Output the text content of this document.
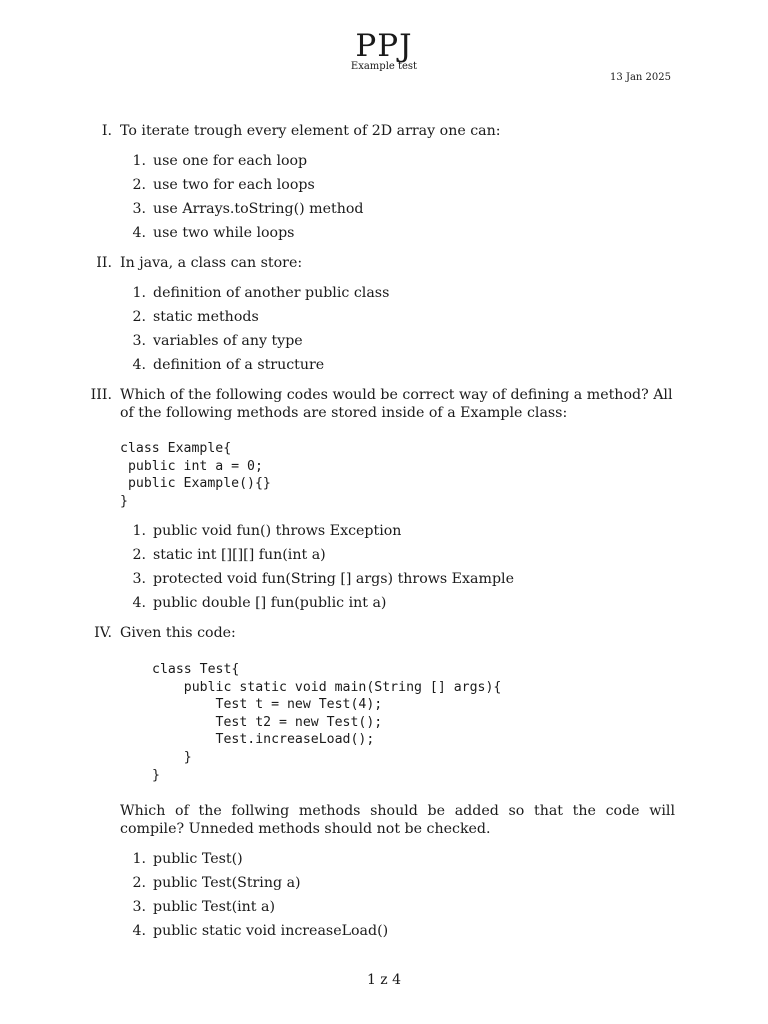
PPJ
Example test
13 Jan 2025
I. To iterate trough every element of 2D array one can:
1. use one for each loop
2. use two for each loops
3. use Arrays.toString() method
4. use two while loops
II. In java, a class can store:
1. definition of another public class
2. static methods
3. variables of any type
4. definition of a structure
III. Which of the following codes would be correct way of defining a method? All of the following methods are stored inside of a Example class:
class Example{
public int a = 0;
public Example(){}
}
1. public void fun() throws Exception
2. static int [][][] fun(int a)
3. protected void fun(String [] args) throws Example
4. public double [] fun(public int a)
IV. Given this code:
class Test{
public static void main(String [] args){
Test t = new Test(4);
Test t2 = new Test();
Test.increaseLoad();
}
}
Which of the follwing methods should be added so that the code will compile? Unneded methods should not be checked.
1. public Test()
2. public Test(String a)
3. public Test(int a)
4. public static void increaseLoad()
1 z 4
